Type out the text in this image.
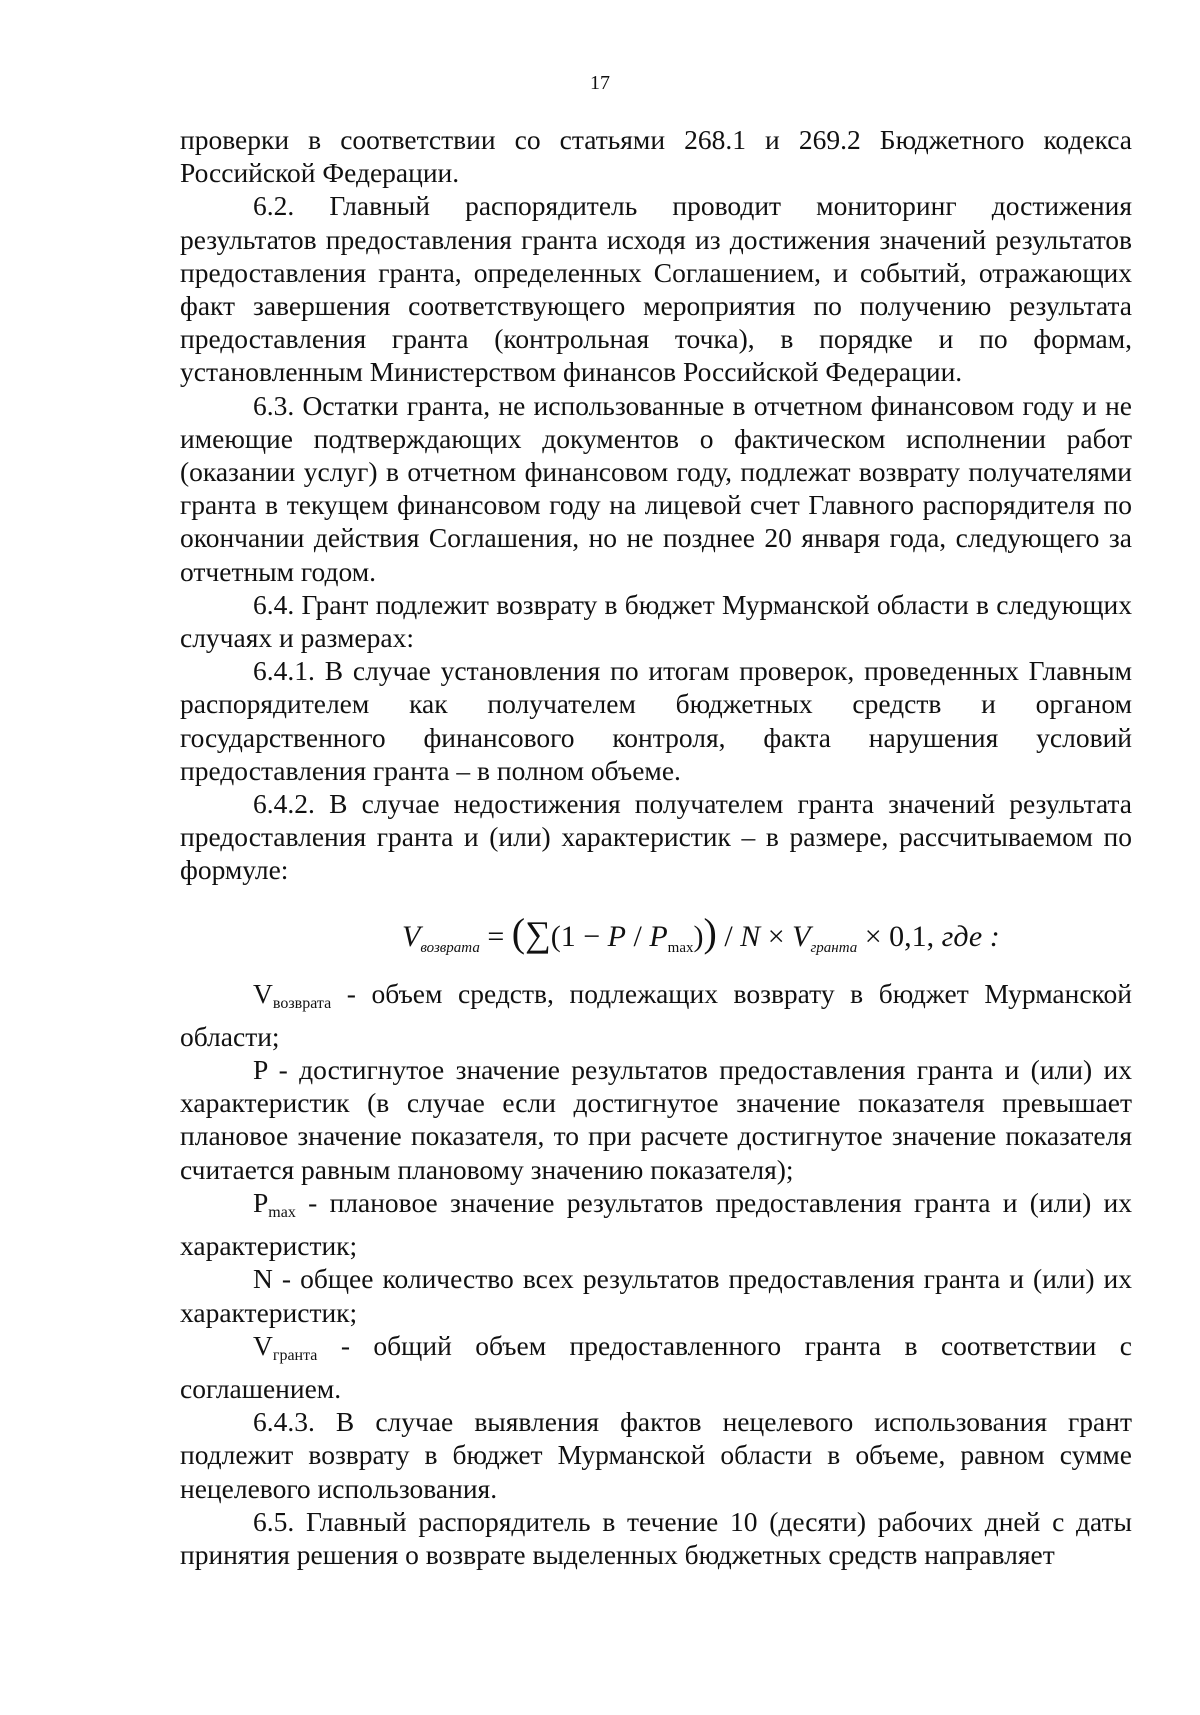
17

проверки в соответствии со статьями 268.1 и 269.2 Бюджетного кодекса Российской Федерации.

6.2. Главный распорядитель проводит мониторинг достижения результатов предоставления гранта исходя из достижения значений результатов предоставления гранта, определенных Соглашением, и событий, отражающих факт завершения соответствующего мероприятия по получению результата предоставления гранта (контрольная точка), в порядке и по формам, установленным Министерством финансов Российской Федерации.

6.3. Остатки гранта, не использованные в отчетном финансовом году и не имеющие подтверждающих документов о фактическом исполнении работ (оказании услуг) в отчетном финансовом году, подлежат возврату получателями гранта в текущем финансовом году на лицевой счет Главного распорядителя по окончании действия Соглашения, но не позднее 20 января года, следующего за отчетным годом.

6.4. Грант подлежит возврату в бюджет Мурманской области в следующих случаях и размерах:

6.4.1. В случае установления по итогам проверок, проведенных Главным распорядителем как получателем бюджетных средств и органом государственного финансового контроля, факта нарушения условий предоставления гранта – в полном объеме.

6.4.2. В случае недостижения получателем гранта значений результата предоставления гранта и (или) характеристик – в размере, рассчитываемом по формуле:

$V_{возврата} = (\sum(1 - P / P_{max})) / N \times V_{гранта} \times 0,1$, где :

Vвозврата - объем средств, подлежащих возврату в бюджет Мурманской области;

P - достигнутое значение результатов предоставления гранта и (или) их характеристик (в случае если достигнутое значение показателя превышает плановое значение показателя, то при расчете достигнутое значение показателя считается равным плановому значению показателя);

Pmax - плановое значение результатов предоставления гранта и (или) их характеристик;

N - общее количество всех результатов предоставления гранта и (или) их характеристик;

Vгранта - общий объем предоставленного гранта в соответствии с соглашением.

6.4.3. В случае выявления фактов нецелевого использования грант подлежит возврату в бюджет Мурманской области в объеме, равном сумме нецелевого использования.

6.5. Главный распорядитель в течение 10 (десяти) рабочих дней с даты принятия решения о возврате выделенных бюджетных средств направляет
